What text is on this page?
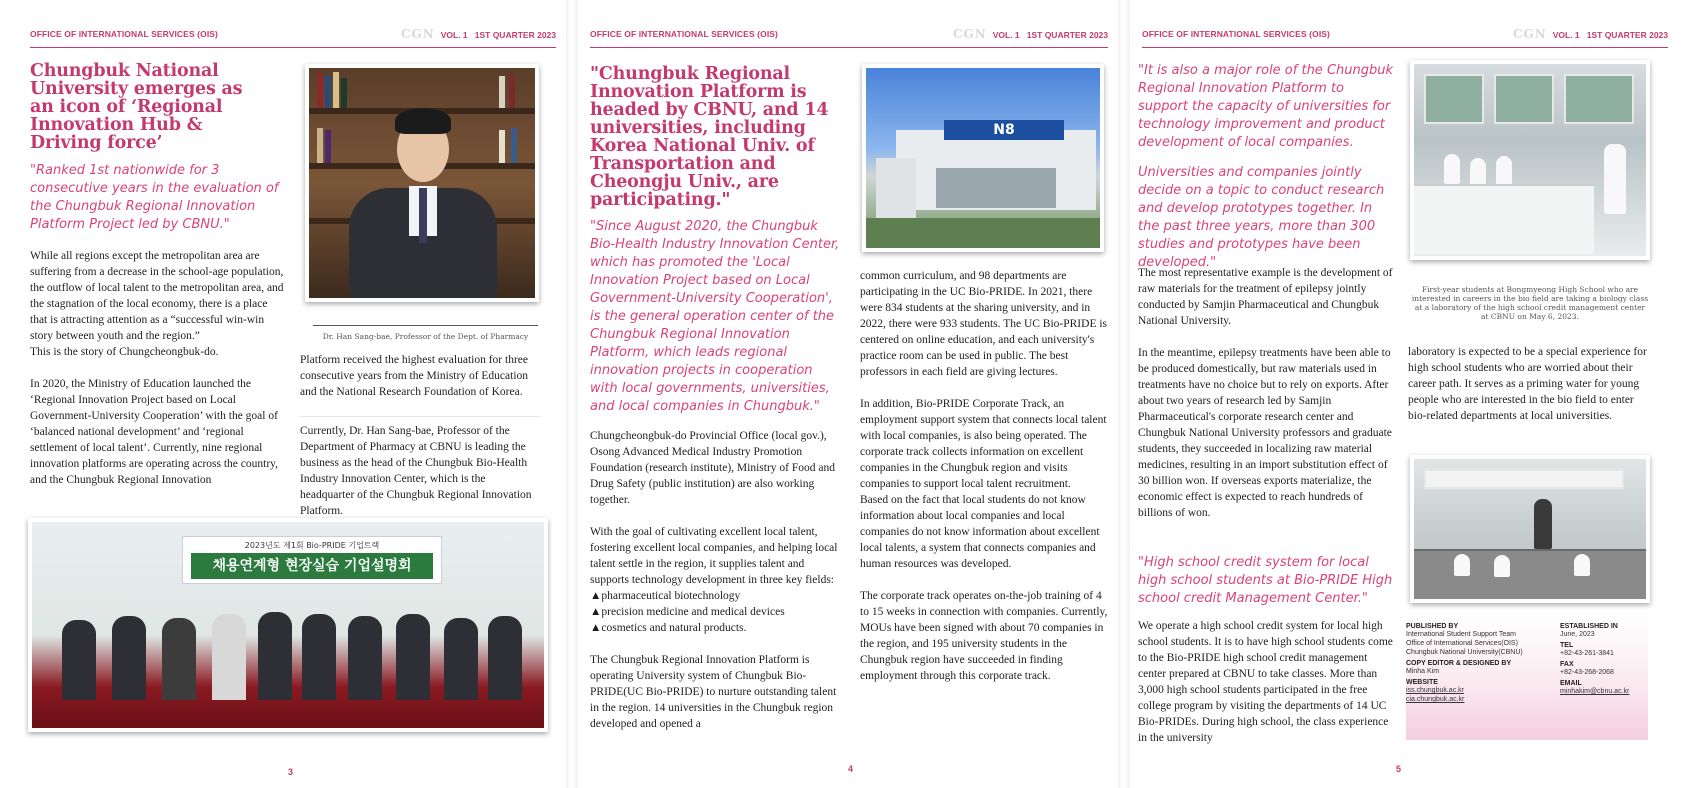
OFFICE OF INTERNATIONAL SERVICES (OIS)	CGN VOL. 1 1ST QUARTER 2023
Chungbuk National University emerges as an icon of ‘Regional Innovation Hub & Driving force’
"Ranked 1st nationwide for 3 consecutive years in the evaluation of the Chungbuk Regional Innovation Platform Project led by CBNU."

While all regions except the metropolitan area are suffering from a decrease in the school-age population, the outflow of local talent to the metropolitan area, and the stagnation of the local economy, there is a place that is attracting attention as a “successful win-win story between youth and the region.”

This is the story of Chungcheongbuk-do.

In 2020, the Ministry of Education launched the ‘Regional Innovation Project based on Local Government-University Cooperation’ with the goal of ‘balanced national development’ and ‘regional settlement of local talent’. Currently, nine regional innovation platforms are operating across the country, and the Chungbuk Regional Innovation

Dr. Han Sang-bae, Professor of the Dept. of Pharmacy

Platform received the highest evaluation for three consecutive years from the Ministry of Education and the National Research Foundation of Korea.

Currently, Dr. Han Sang-bae, Professor of the Department of Pharmacy at CBNU is leading the business as the head of the Chungbuk Bio-Health Industry Innovation Center, which is the headquarter of the Chungbuk Regional Innovation Platform.

2023년도 제1회 Bio-PRIDE 기업트랙
채용연계형 현장실습 기업설명회
3
OFFICE OF INTERNATIONAL SERVICES (OIS)	CGN VOL. 1 1ST QUARTER 2023
"Chungbuk Regional Innovation Platform is headed by CBNU, and 14 universities, including Korea National Univ. of Transportation and Cheongju Univ., are participating."
"Since August 2020, the Chungbuk Bio-Health Industry Innovation Center, which has promoted the 'Local Innovation Project based on Local Government-University Cooperation', is the general operation center of the Chungbuk Regional Innovation Platform, which leads regional innovation projects in cooperation with local governments, universities, and local companies in Chungbuk."

Chungcheongbuk-do Provincial Office (local gov.), Osong Advanced Medical Industry Promotion Foundation (research institute), Ministry of Food and Drug Safety (public institution) are also working together.

With the goal of cultivating excellent local talent, fostering excellent local companies, and helping local talent settle in the region, it supplies talent and supports technology development in three key fields: ▲pharmaceutical biotechnology

▲precision medicine and medical devices

▲cosmetics and natural products.

The Chungbuk Regional Innovation Platform is operating University system of Chungbuk Bio-PRIDE(UC Bio-PRIDE) to nurture outstanding talent in the region. 14 universities in the Chungbuk region developed and opened a

N8

common curriculum, and 98 departments are participating in the UC Bio-PRIDE. In 2021, there were 834 students at the sharing university, and in 2022, there were 933 students. The UC Bio-PRIDE is centered on online education, and each university's practice room can be used in public. The best professors in each field are giving lectures.

In addition, Bio-PRIDE Corporate Track, an employment support system that connects local talent with local companies, is also being operated. The corporate track collects information on excellent companies in the Chungbuk region and visits companies to support local talent recruitment.

Based on the fact that local students do not know information about local companies and local companies do not know information about excellent local talents, a system that connects companies and human resources was developed.

The corporate track operates on-the-job training of 4 to 15 weeks in connection with companies. Currently, MOUs have been signed with about 70 companies in the region, and 195 university students in the Chungbuk region have succeeded in finding employment through this corporate track.

4
OFFICE OF INTERNATIONAL SERVICES (OIS)	CGN VOL. 1 1ST QUARTER 2023
"It is also a major role of the Chungbuk Regional Innovation Platform to support the capacity of universities for technology improvement and product development of local companies.
Universities and companies jointly decide on a topic to conduct research and develop prototypes together. In the past three years, more than 300 studies and prototypes have been developed."

The most representative example is the development of raw materials for the treatment of epilepsy jointly conducted by Samjin Pharmaceutical and Chungbuk National University.

In the meantime, epilepsy treatments have been able to be produced domestically, but raw materials used in treatments have no choice but to rely on exports. After about two years of research led by Samjin Pharmaceutical's corporate research center and Chungbuk National University professors and graduate students, they succeeded in localizing raw material medicines, resulting in an import substitution effect of 30 billion won. If overseas exports materialize, the economic effect is expected to reach hundreds of billions of won.

"High school credit system for local high school students at Bio-PRIDE High school credit Management Center."
We operate a high school credit system for local high school students. It is to have high school students come to the Bio-PRIDE high school credit management center prepared at CBNU to take classes. More than 3,000 high school students participated in the free college program by visiting the departments of 14 UC Bio-PRIDEs. During high school, the class experience in the university
First-year students at Bongmyeong High School who are interested in careers in the bio field are taking a biology class at a laboratory of the high school credit management center at CBNU on May 6, 2023.
laboratory is expected to be a special experience for high school students who are worried about their career path. It serves as a priming water for young people who are interested in the bio field to enter bio-related departments at local universities.
PUBLISHED BY
International Student Support Team
Office of International Services(OIS)
Chungbuk National University(CBNU)
COPY EDITOR & DESIGNED BY
Minha Kim
WEBSITE
iss.chungbuk.ac.kr
cia.chungbuk.ac.kr
ESTABLISHED IN
June, 2023
TEL
+82-43-261-3841
FAX
+82-43-268-2068
EMAIL
minhakim@cbnu.ac.kr
5
